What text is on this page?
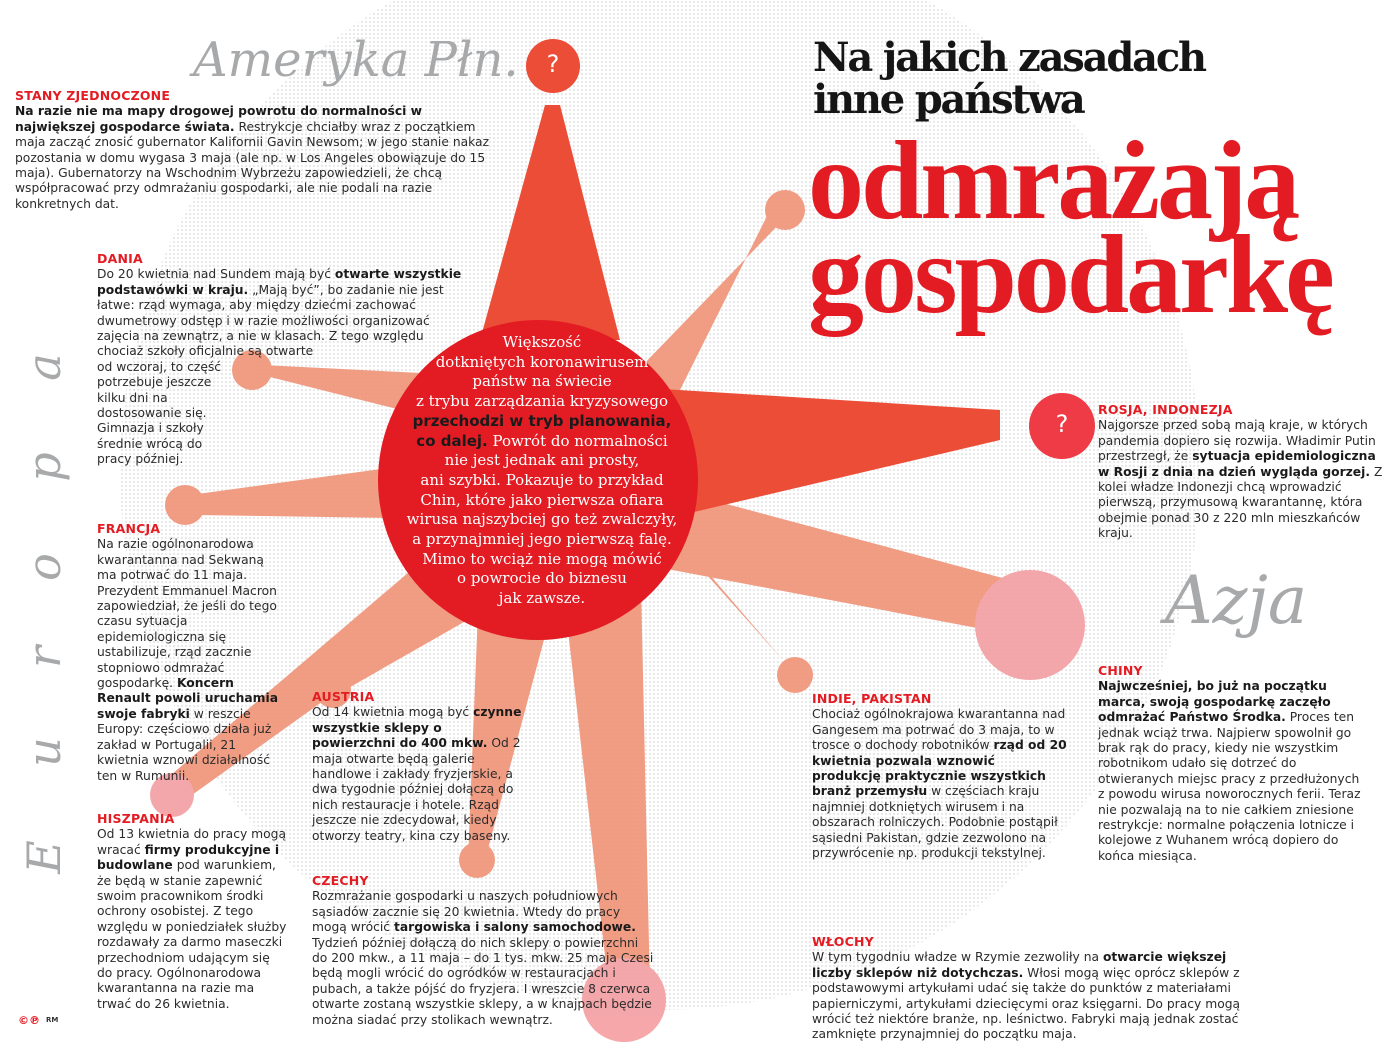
?
?
Ameryka Płn.
Azja
a
p
o
r
u
E
Na jakich zasadach
inne państwa
odmrażają
gospodarkę
Większość
dotkniętych koronawirusem
państw na świecie
z trybu zarządzania kryzysowego
przechodzi w tryb planowania,
co dalej. Powrót do normalności
nie jest jednak ani prosty,
ani szybki. Pokazuje to przykład
Chin, które jako pierwsza ofiara
wirusa najszybciej go też zwalczyły,
a przynajmniej jego pierwszą falę.
Mimo to wciąż nie mogą mówić
o powrocie do biznesu
jak zawsze.
STANY ZJEDNOCZONE
Na razie nie ma mapy drogowej powrotu do normalności w największej gospodarce świata. Restrykcje chciałby wraz z początkiem maja zacząć znosić gubernator Kalifornii Gavin Newsom; w jego stanie nakaz pozostania w domu wygasa 3 maja (ale np. w Los Angeles obowiązuje do 15 maja). Gubernatorzy na Wschodnim Wybrzeżu zapowiedzieli, że chcą współpracować przy odmrażaniu gospodarki, ale nie podali na razie konkretnych dat.
DANIA
Do 20 kwietnia nad Sundem mają być otwarte wszystkie podstawówki w kraju. „Mają być”, bo zadanie nie jest łatwe: rząd wymaga, aby między dziećmi zachować dwumetrowy odstęp i w razie możliwości organizować zajęcia na zewnątrz, a nie w klasach. Z tego względu chociaż szkoły oficjalnie są otwarte
od wczoraj, to część potrzebuje jeszcze kilku dni na dostosowanie się. Gimnazja i szkoły średnie wrócą do pracy później.
FRANCJA
Na razie ogólnonarodowa kwarantanna nad Sekwaną ma potrwać do 11 maja. Prezydent Emmanuel Macron zapowiedział, że jeśli do tego czasu sytuacja epidemiologiczna się ustabilizuje, rząd zacznie stopniowo odmrażać gospodarkę. Koncern Renault powoli uruchamia swoje fabryki w reszcie Europy: częściowo działa już zakład w Portugalii, 21 kwietnia wznowi działalność ten w Rumunii.
HISZPANIA
Od 13 kwietnia do pracy mogą wracać firmy produkcyjne i budowlane pod warunkiem, że będą w stanie zapewnić swoim pracownikom środki ochrony osobistej. Z tego względu w poniedziałek służby rozdawały za darmo maseczki przechodniom udającym się do pracy. Ogólnonarodowa kwarantanna na razie ma trwać do 26 kwietnia.
AUSTRIA
Od 14 kwietnia mogą być czynne wszystkie sklepy o powierzchni do 400 mkw. Od 2 maja otwarte będą galerie handlowe i zakłady fryzjerskie, a dwa tygodnie później dołączą do nich restauracje i hotele. Rząd jeszcze nie zdecydował, kiedy otworzy teatry, kina czy baseny.
CZECHY
Rozmrażanie gospodarki u naszych południowych sąsiadów zacznie się 20 kwietnia. Wtedy do pracy mogą wrócić targowiska i salony samochodowe. Tydzień później dołączą do nich sklepy o powierzchni do 200 mkw., a 11 maja – do 1 tys. mkw. 25 maja Czesi będą mogli wrócić do ogródków w restauracjach i pubach, a także pójść do fryzjera. I wreszcie 8 czerwca otwarte zostaną wszystkie sklepy, a w knajpach będzie można siadać przy stolikach wewnątrz.
INDIE, PAKISTAN
Chociaż ogólnokrajowa kwarantanna nad Gangesem ma potrwać do 3 maja, to w trosce o dochody robotników rząd od 20 kwietnia pozwala wznowić produkcję praktycznie wszystkich branż przemysłu w częściach kraju najmniej dotkniętych wirusem i na obszarach rolniczych. Podobnie postąpił sąsiedni Pakistan, gdzie zezwolono na przywrócenie np. produkcji tekstylnej.
ROSJA, INDONEZJA
Najgorsze przed sobą mają kraje, w których pandemia dopiero się rozwija. Władimir Putin przestrzegł, że sytuacja epidemiologiczna w Rosji z dnia na dzień wygląda gorzej. Z kolei władze Indonezji chcą wprowadzić pierwszą, przymusową kwarantannę, która obejmie ponad 30 z 220 mln mieszkańców kraju.
CHINY
Najwcześniej, bo już na początku marca, swoją gospodarkę zaczęło odmrażać Państwo Środka. Proces ten jednak wciąż trwa. Najpierw spowolnił go brak rąk do pracy, kiedy nie wszystkim robotnikom udało się dotrzeć do otwieranych miejsc pracy z przedłużonych z powodu wirusa noworocznych ferii. Teraz nie pozwalają na to nie całkiem zniesione restrykcje: normalne połączenia lotnicze i kolejowe z Wuhanem wrócą dopiero do końca miesiąca.
WŁOCHY
W tym tygodniu władze w Rzymie zezwoliły na otwarcie większej liczby sklepów niż dotychczas. Włosi mogą więc oprócz sklepów z podstawowymi artykułami udać się także do punktów z materiałami papierniczymi, artykułami dziecięcymi oraz księgarni. Do pracy mogą wrócić też niektóre branże, np. leśnictwo. Fabryki mają jednak zostać zamknięte przynajmniej do początku maja.
©℗ RM
